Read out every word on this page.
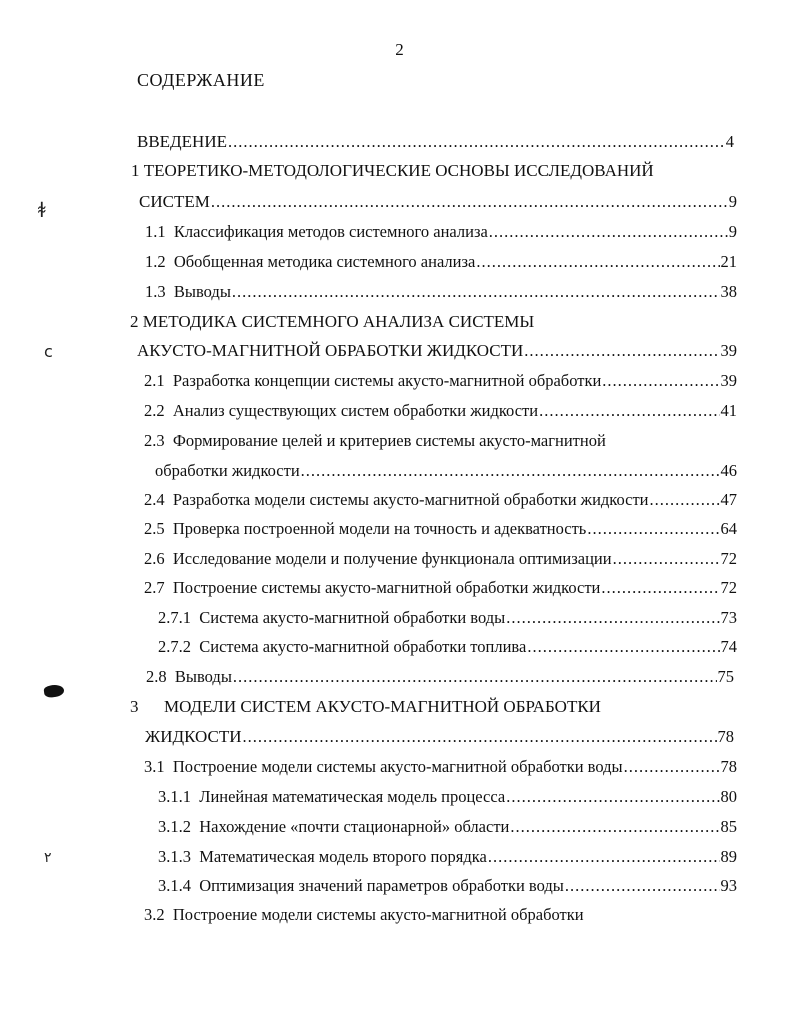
2
СОДЕРЖАНИЕ
ВВЕДЕНИЕ .....	4
1 ТЕОРЕТИКО-МЕТОДОЛОГИЧЕСКИЕ ОСНОВЫ ИССЛЕДОВАНИЙ
СИСТЕМ .....	9
1.1 Классификация методов системного анализа .....	9
1.2 Обобщенная методика системного анализа .....	21
1.3 Выводы .....	38
2 МЕТОДИКА СИСТЕМНОГО АНАЛИЗА СИСТЕМЫ
АКУСТО-МАГНИТНОЙ ОБРАБОТКИ ЖИДКОСТИ .....	39
2.1 Разработка концепции системы акусто-магнитной обработки .....	39
2.2 Анализ существующих систем обработки жидкости .....	41
2.3 Формирование целей и критериев системы акусто-магнитной
обработки жидкости .....	46
2.4 Разработка модели системы акусто-магнитной обработки жидкости .....	47
2.5 Проверка построенной модели на точность и адекватность .....	64
2.6 Исследование модели и получение функционала оптимизации .....	72
2.7 Построение системы акусто-магнитной обработки жидкости .....	72
2.7.1 Система акусто-магнитной обработки воды .....	73
2.7.2 Система акусто-магнитной обработки топлива .....	74
2.8 Выводы .....	75
3 МОДЕЛИ СИСТЕМ АКУСТО-МАГНИТНОЙ ОБРАБОТКИ
ЖИДКОСТИ .....	78
3.1 Построение модели системы акусто-магнитной обработки воды .....	78
3.1.1 Линейная математическая модель процесса .....	80
3.1.2 Нахождение «почти стационарной» области .....	85
3.1.3 Математическая модель второго порядка .....	89
3.1.4 Оптимизация значений параметров обработки воды .....	93
3.2 Построение модели системы акусто-магнитной обработки
ꬸ
ⅽ
٢
